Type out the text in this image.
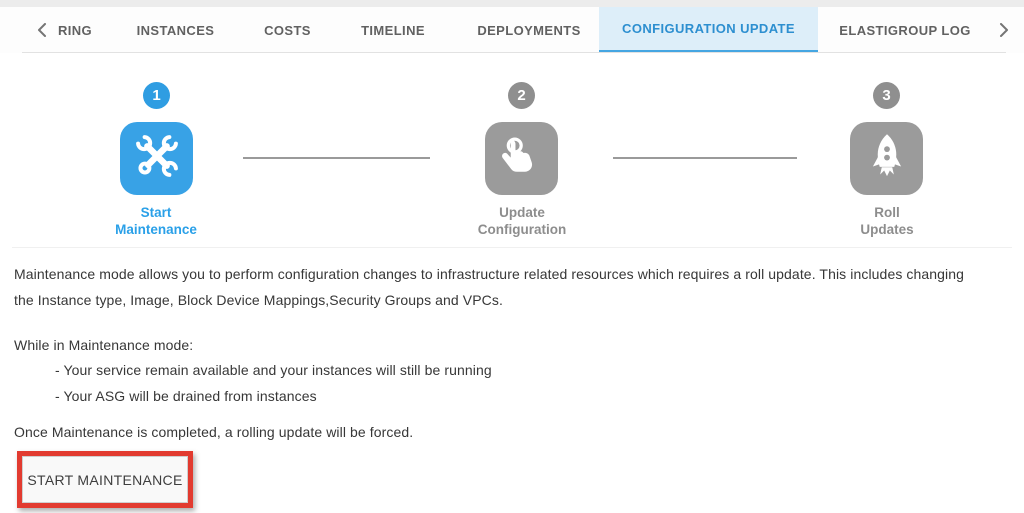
RING	INSTANCES	COSTS	TIMELINE	DEPLOYMENTS	CONFIGURATION UPDATE	ELASTIGROUP LOG
1
Start
Maintenance
2
Update
Configuration
3
Roll
Updates
Maintenance mode allows you to perform configuration changes to infrastructure related resources which requires a roll update. This includes changing
the Instance type, Image, Block Device Mappings,Security Groups and VPCs.
While in Maintenance mode:
- Your service remain available and your instances will still be running
- Your ASG will be drained from instances
Once Maintenance is completed, a rolling update will be forced.
START MAINTENANCE
